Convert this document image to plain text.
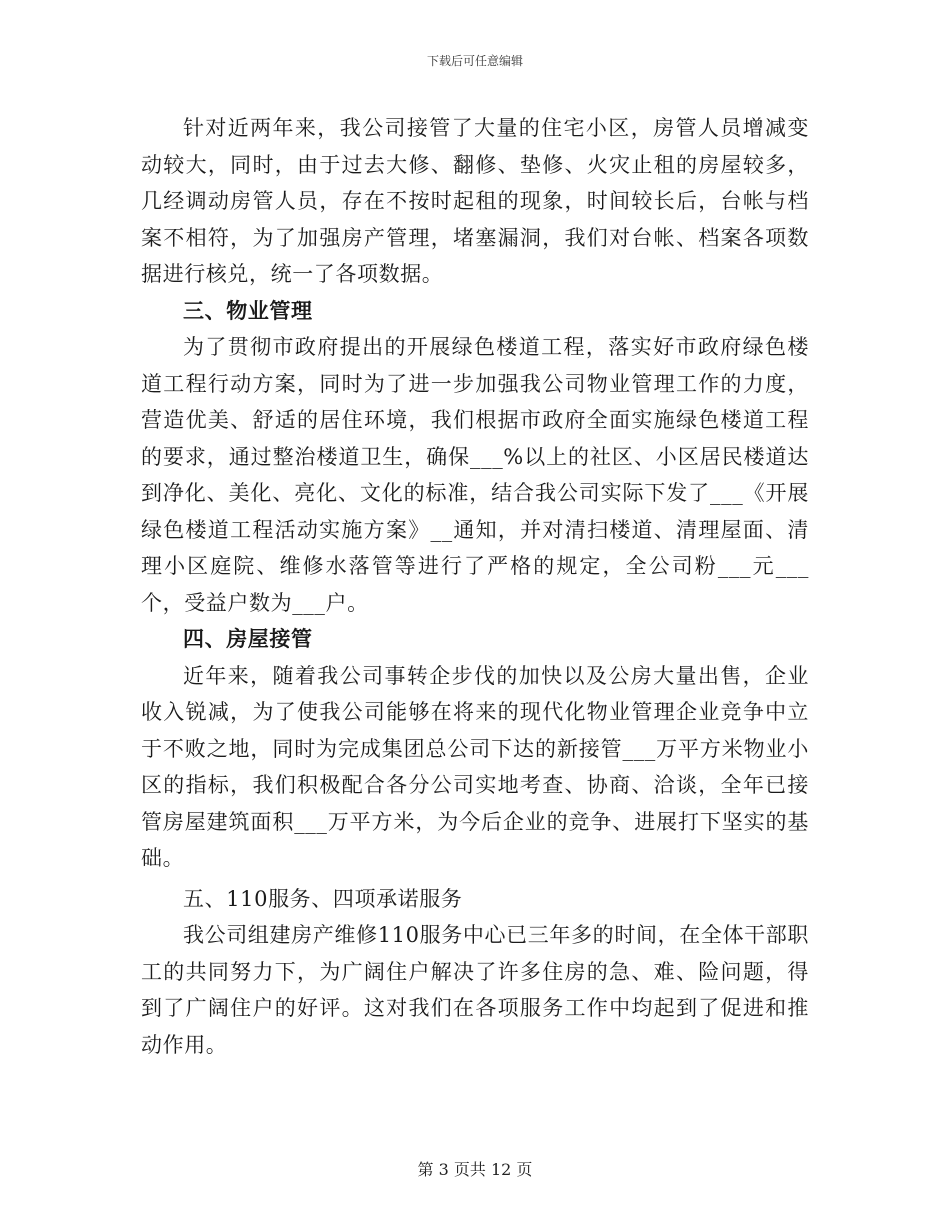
下载后可任意编辑

针对近两年来，我公司接管了大量的住宅小区，房管人员增减变动较大，同时，由于过去大修、翻修、垫修、火灾止租的房屋较多，几经调动房管人员，存在不按时起租的现象，时间较长后，台帐与档案不相符，为了加强房产管理，堵塞漏洞，我们对台帐、档案各项数据进行核兑，统一了各项数据。

三、物业管理

为了贯彻市政府提出的开展绿色楼道工程，落实好市政府绿色楼道工程行动方案，同时为了进一步加强我公司物业管理工作的力度，营造优美、舒适的居住环境，我们根据市政府全面实施绿色楼道工程的要求，通过整治楼道卫生，确保___%以上的社区、小区居民楼道达到净化、美化、亮化、文化的标准，结合我公司实际下发了___《开展绿色楼道工程活动实施方案》__通知，并对清扫楼道、清理屋面、清理小区庭院、维修水落管等进行了严格的规定，全公司粉___元___个，受益户数为___户。

四、房屋接管

近年来，随着我公司事转企步伐的加快以及公房大量出售，企业收入锐减，为了使我公司能够在将来的现代化物业管理企业竞争中立于不败之地，同时为完成集团总公司下达的新接管___万平方米物业小区的指标，我们积极配合各分公司实地考查、协商、洽谈，全年已接管房屋建筑面积___万平方米，为今后企业的竞争、进展打下坚实的基础。

五、110服务、四项承诺服务

我公司组建房产维修110服务中心已三年多的时间，在全体干部职工的共同努力下，为广阔住户解决了许多住房的急、难、险问题，得到了广阔住户的好评。这对我们在各项服务工作中均起到了促进和推动作用。

第 3 页共 12 页
